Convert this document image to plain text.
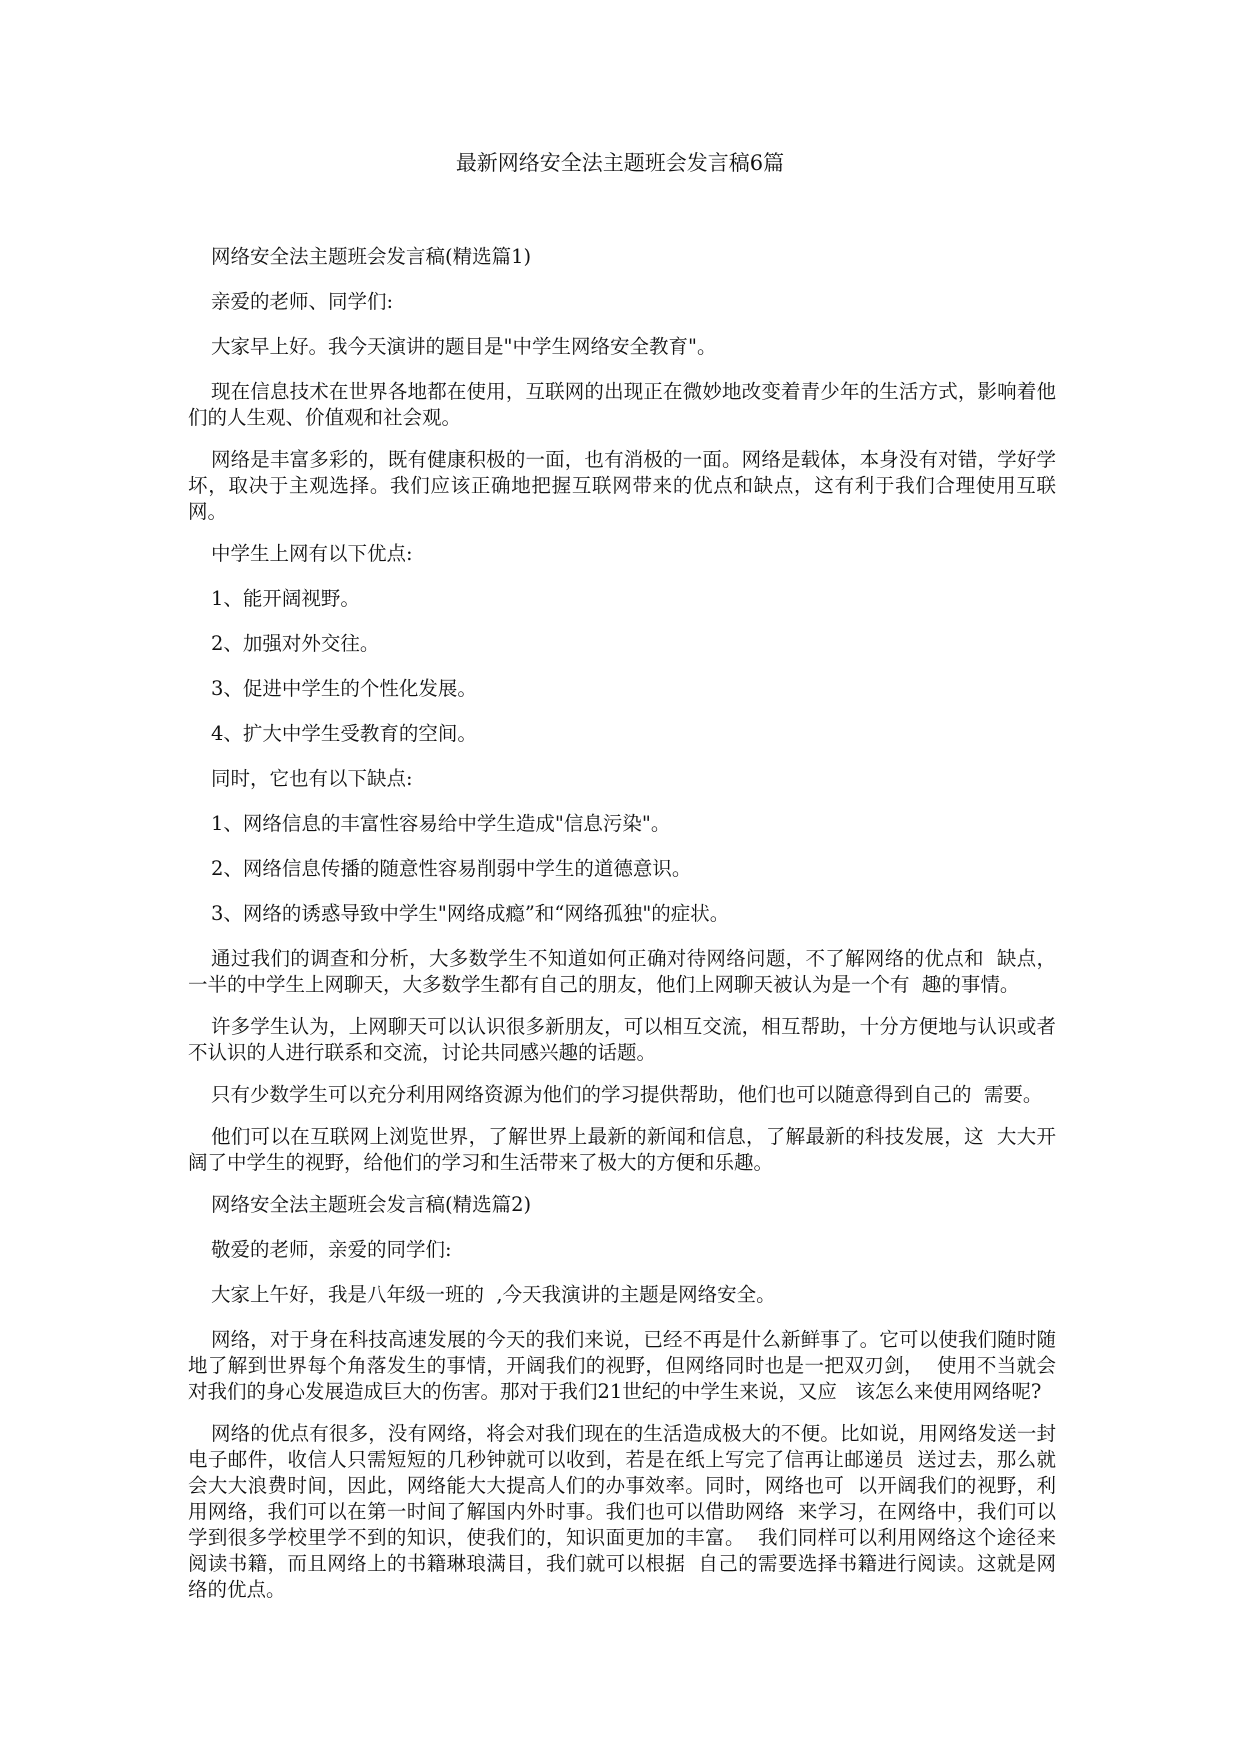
最新网络安全法主题班会发言稿6篇

网络安全法主题班会发言稿(精选篇1)

亲爱的老师、同学们:

大家早上好。我今天演讲的题目是"中学生网络安全教育"。

现在信息技术在世界各地都在使用，互联网的出现正在微妙地改变着青少年的生活方式，影响着他们的人生观、价值观和社会观。

网络是丰富多彩的，既有健康积极的一面，也有消极的一面。网络是载体，本身没有对错，学好学坏，取决于主观选择。我们应该正确地把握互联网带来的优点和缺点，这有利于我们合理使用互联网。

中学生上网有以下优点:

1、能开阔视野。

2、加强对外交往。

3、促进中学生的个性化发展。

4、扩大中学生受教育的空间。

同时，它也有以下缺点:

1、网络信息的丰富性容易给中学生造成"信息污染"。

2、网络信息传播的随意性容易削弱中学生的道德意识。

3、网络的诱惑导致中学生"网络成瘾”和“网络孤独"的症状。

通过我们的调查和分析，大多数学生不知道如何正确对待网络问题，不了解网络的优点和  缺点，  一半的中学生上网聊天，大多数学生都有自己的朋友，他们上网聊天被认为是一个有  趣的事情。

许多学生认为，上网聊天可以认识很多新朋友，可以相互交流，相互帮助，十分方便地与认识或者不认识的人进行联系和交流，讨论共同感兴趣的话题。

只有少数学生可以充分利用网络资源为他们的学习提供帮助，他们也可以随意得到自己的  需要。

他们可以在互联网上浏览世界，了解世界上最新的新闻和信息，了解最新的科技发展，这  大大开阔了中学生的视野，给他们的学习和生活带来了极大的方便和乐趣。

网络安全法主题班会发言稿(精选篇2)

敬爱的老师，亲爱的同学们:

大家上午好，我是八年级一班的  ,今天我演讲的主题是网络安全。

网络，对于身在科技高速发展的今天的我们来说，已经不再是什么新鲜事了。它可以使我们随时随地了解到世界每个角落发生的事情，开阔我们的视野，但网络同时也是一把双刃剑，  使用不当就会对我们的身心发展造成巨大的伤害。那对于我们21世纪的中学生来说，又应   该怎么来使用网络呢?

网络的优点有很多，没有网络，将会对我们现在的生活造成极大的不便。比如说，用网络发送一封电子邮件，收信人只需短短的几秒钟就可以收到，若是在纸上写完了信再让邮递员  送过去，那么就会大大浪费时间，因此，网络能大大提高人们的办事效率。同时，网络也可  以开阔我们的视野，利用网络，我们可以在第一时间了解国内外时事。我们也可以借助网络  来学习，在网络中，我们可以学到很多学校里学不到的知识，使我们的，知识面更加的丰富。  我们同样可以利用网络这个途径来阅读书籍，而且网络上的书籍琳琅满目，我们就可以根据  自己的需要选择书籍进行阅读。这就是网络的优点。
